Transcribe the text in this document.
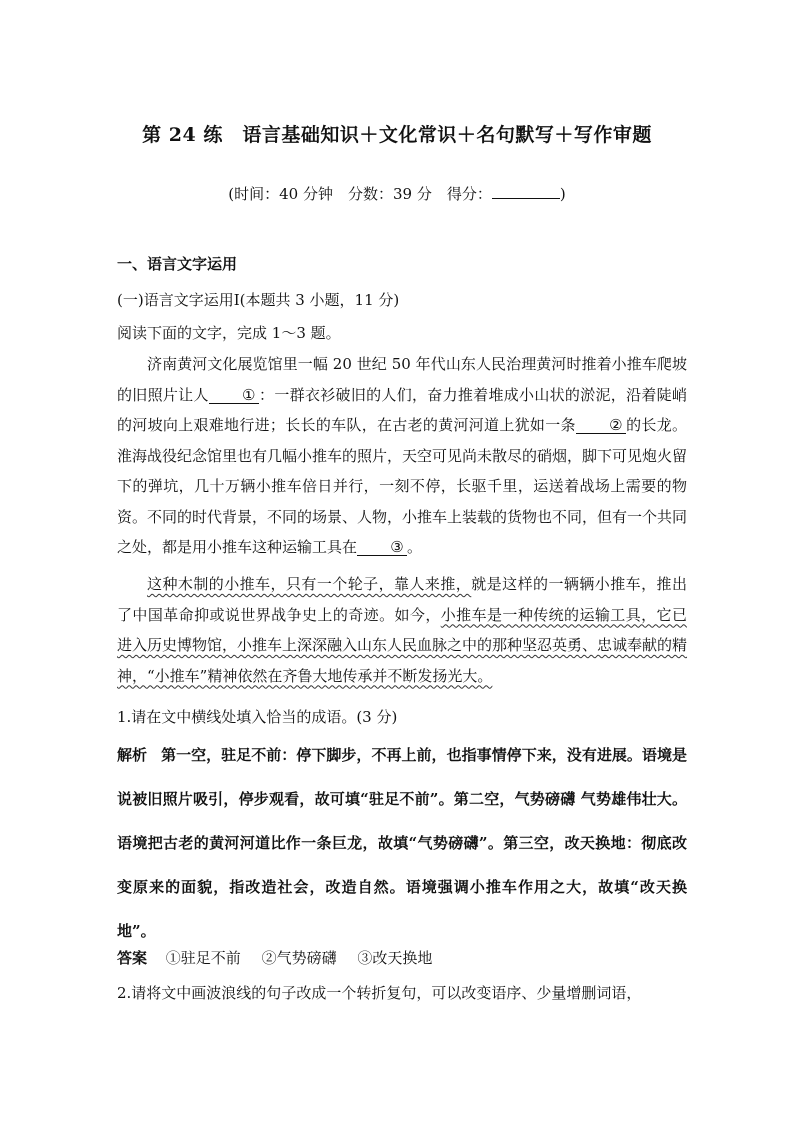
第 24 练　语言基础知识＋文化常识＋名句默写＋写作审题
(时间：40 分钟　分数：39 分　得分：	)
一、语言文字运用
(一)语言文字运用Ⅰ(本题共 3 小题，11 分)
阅读下面的文字，完成 1～3 题。
济南黄河文化展览馆里一幅 20 世纪 50 年代山东人民治理黄河时推着小推车爬坡的旧照片让人 ① ：一群衣衫破旧的人们，奋力推着堆成小山状的淤泥，沿着陡峭的河坡向上艰难地行进；长长的车队，在古老的黄河河道上犹如一条 ② 的长龙。淮海战役纪念馆里也有几幅小推车的照片，天空可见尚未散尽的硝烟，脚下可见炮火留下的弹坑，几十万辆小推车倍日并行，一刻不停，长驱千里，运送着战场上需要的物资。不同的时代背景，不同的场景、人物，小推车上装载的货物也不同，但有一个共同之处，都是用小推车这种运输工具在 ③ 。
这种木制的小推车，只有一个轮子，靠人来推，就是这样的一辆辆小推车，推出了中国革命抑或说世界战争史上的奇迹。如今，小推车是一种传统的运输工具，它已进入历史博物馆，小推车上深深融入山东人民血脉之中的那种坚忍英勇、忠诚奉献的精神，“小推车”精神依然在齐鲁大地传承并不断发扬光大。
1.请在文中横线处填入恰当的成语。(3 分)
解析 第一空，驻足不前：停下脚步，不再上前，也指事情停下来，没有进展。语境是说被旧照片吸引，停步观看，故可填“驻足不前”。第二空，气势磅礴 气势雄伟壮大。语境把古老的黄河河道比作一条巨龙，故填“气势磅礴”。第三空，改天换地：彻底改变原来的面貌，指改造社会，改造自然。语境强调小推车作用之大，故填“改天换地”。
答案 ①驻足不前 ②气势磅礴 ③改天换地
2.请将文中画波浪线的句子改成一个转折复句，可以改变语序、少量增删词语，
